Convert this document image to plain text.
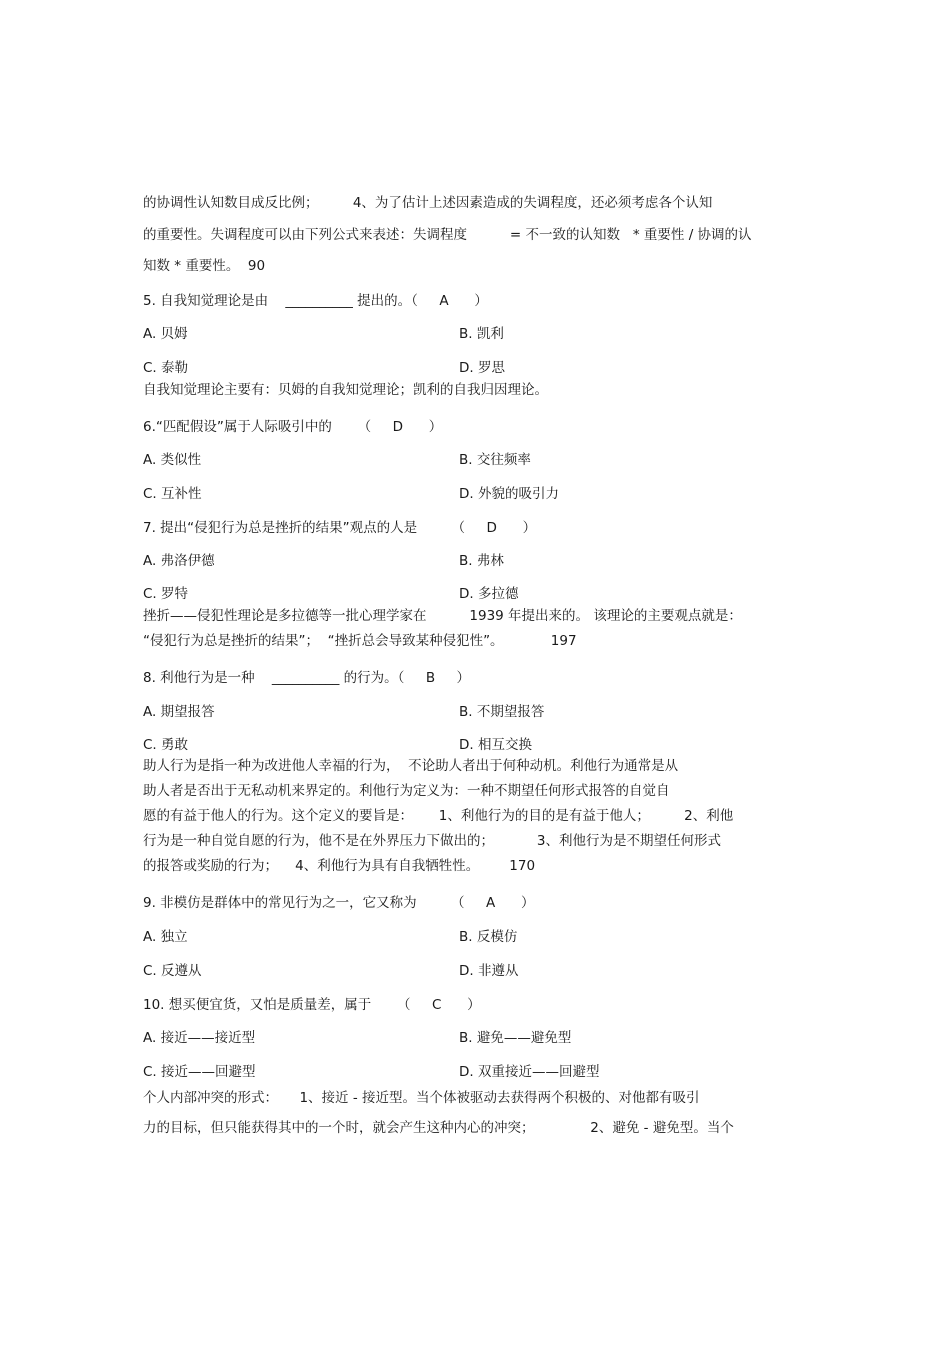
的协调性认知数目成反比例；        4、为了估计上述因素造成的失调程度，还必须考虑各个认知
的重要性。失调程度可以由下列公式来表述：失调程度          = 不一致的认知数   * 重要性 / 协调的认
知数 * 重要性。  90
5. 自我知觉理论是由    __________ 提出的。（     A      ）
A. 贝姆	B. 凯利
C. 泰勒	D. 罗思
自我知觉理论主要有：贝姆的自我知觉理论；凯利的自我归因理论。
6.“匹配假设”属于人际吸引中的      （     D      ）
A. 类似性	B. 交往频率
C. 互补性	D. 外貌的吸引力
7. 提出“侵犯行为总是挫折的结果”观点的人是        （     D      ）
A. 弗洛伊德	B. 弗林
C. 罗特	D. 多拉德
挫折——侵犯性理论是多拉德等一批心理学家在          1939 年提出来的。 该理论的主要观点就是：
“侵犯行为总是挫折的结果”；  “挫折总会导致某种侵犯性”。           197
8. 利他行为是一种    __________ 的行为。（     B     ）
A. 期望报答	B. 不期望报答
C. 勇敢	D. 相互交换
助人行为是指一种为改进他人幸福的行为，  不论助人者出于何种动机。利他行为通常是从
助人者是否出于无私动机来界定的。利他行为定义为：一种不期望任何形式报答的自觉自
愿的有益于他人的行为。这个定义的要旨是：      1、利他行为的目的是有益于他人；        2、利他
行为是一种自觉自愿的行为，他不是在外界压力下做出的；          3、利他行为是不期望任何形式
的报答或奖励的行为；    4、利他行为具有自我牺牲性。       170
9. 非模仿是群体中的常见行为之一，它又称为        （     A      ）
A. 独立	B. 反模仿
C. 反遵从	D. 非遵从
10. 想买便宜货，又怕是质量差，属于      （     C      ）
A. 接近——接近型	B. 避免——避免型
C. 接近——回避型	D. 双重接近——回避型
个人内部冲突的形式：     1、接近 - 接近型。当个体被驱动去获得两个积极的、对他都有吸引
力的目标，但只能获得其中的一个时，就会产生这种内心的冲突；             2、避免 - 避免型。当个
